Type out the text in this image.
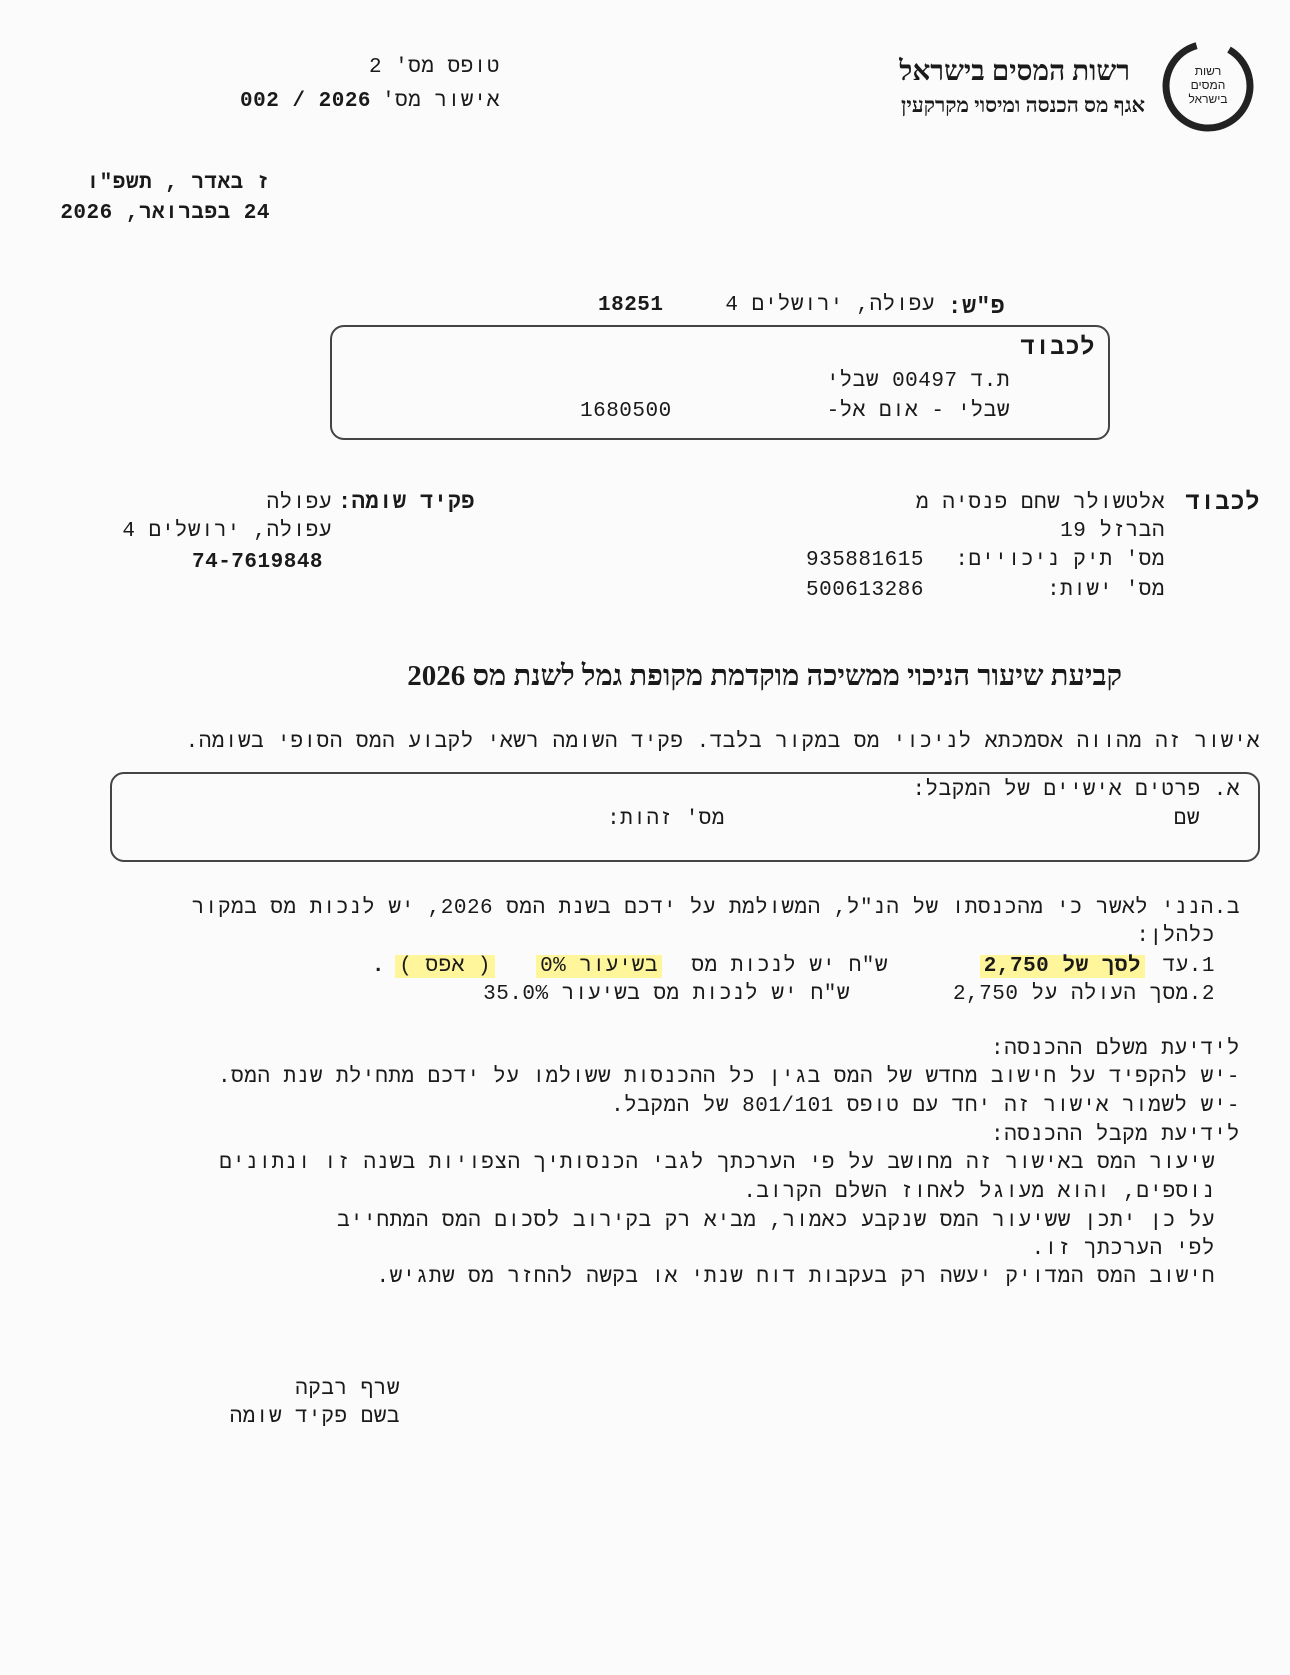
רשות
המסים
בישראל
רשות המסים בישראל
אגף מס הכנסה ומיסוי מקרקעין
טופס מס' 2
אישור מס'
002 / 2026
ז באדר , תשפ"ו
24 בפברואר, 2026
פ"ש:
עפולה, ירושלים 4
18251
לכבוד
ת.ד 00497 שבלי
שבלי - אום אל-
1680500
לכבוד
אלטשולר שחם פנסיה מ
הברזל 19
מס' תיק ניכויים:
935881615
מס' ישות:
500613286
פקיד שומה:
עפולה
עפולה, ירושלים 4
74-7619848
קביעת שיעור הניכוי ממשיכה מוקדמת מקופת גמל לשנת מס 2026
אישור זה מהווה אסמכתא לניכוי מס במקור בלבד. פקיד השומה רשאי לקבוע המס הסופי בשומה.
א. פרטים אישיים של המקבל:
שם
מס' זהות:
ב.הנני לאשר כי מהכנסתו של הנ"ל, המשולמת על ידכם בשנת המס 2026, יש לנכות מס במקור
כלהלן:
1.עד
לסך של 2,750
ש"ח יש לנכות מס
בשיעור 0%
( אפס )
.
2.מסך העולה על 2,750
ש"ח יש לנכות מס בשיעור 35.0%
לידיעת משלם ההכנסה:
-יש להקפיד על חישוב מחדש של המס בגין כל ההכנסות ששולמו על ידכם מתחילת שנת המס.
-יש לשמור אישור זה יחד עם טופס 801/101 של המקבל.
לידיעת מקבל ההכנסה:
שיעור המס באישור זה מחושב על פי הערכתך לגבי הכנסותיך הצפויות בשנה זו ונתונים
נוספים, והוא מעוגל לאחוז השלם הקרוב.
על כן יתכן ששיעור המס שנקבע כאמור, מביא רק בקירוב לסכום המס המתחייב
לפי הערכתך זו.
חישוב המס המדויק יעשה רק בעקבות דוח שנתי או בקשה להחזר מס שתגיש.
שרף רבקה
בשם פקיד שומה
